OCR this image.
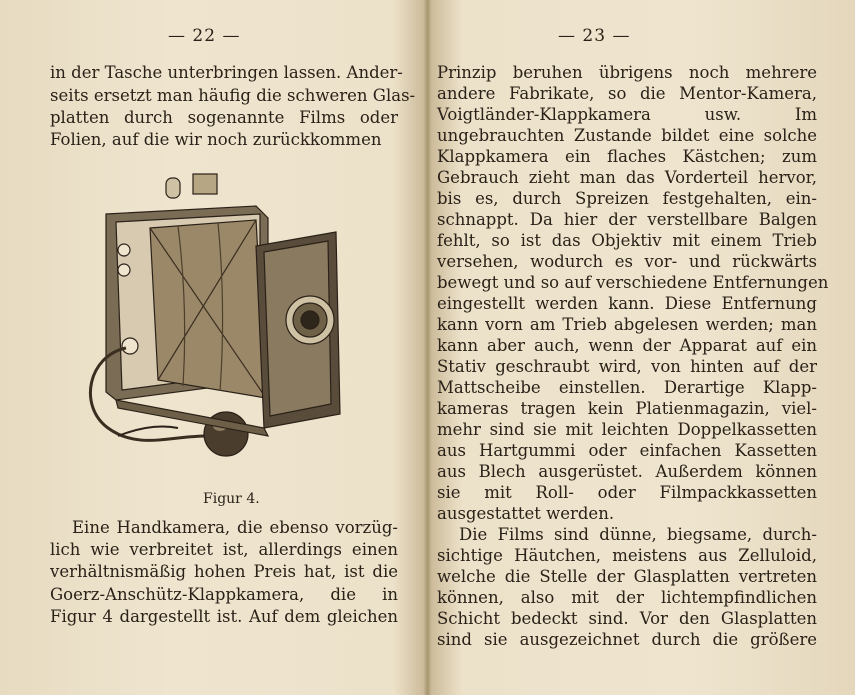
— 22 —
in der Tasche unterbringen lassen. Ander-
seits ersetzt man häufig die schweren Glas-
platten durch sogenannte Films oder
Folien, auf die wir noch zurückkommen
Figur 4.
Eine Handkamera, die ebenso vorzüg-
lich wie verbreitet ist, allerdings einen
verhältnismäßig hohen Preis hat, ist die
Goerz-Anschütz-Klappkamera, die in
Figur 4 dargestellt ist. Auf dem gleichen
— 23 —
Prinzip beruhen übrigens noch mehrere
andere Fabrikate, so die Mentor-Kamera,
Voigtländer-Klappkamera usw. Im
ungebrauchten Zustande bildet eine solche
Klappkamera ein flaches Kästchen; zum
Gebrauch zieht man das Vorderteil hervor,
bis es, durch Spreizen festgehalten, ein-
schnappt. Da hier der verstellbare Balgen
fehlt, so ist das Objektiv mit einem Trieb
versehen, wodurch es vor- und rückwärts
bewegt und so auf verschiedene Entfernungen
eingestellt werden kann. Diese Entfernung
kann vorn am Trieb abgelesen werden; man
kann aber auch, wenn der Apparat auf ein
Stativ geschraubt wird, von hinten auf der
Mattscheibe einstellen. Derartige Klapp-
kameras tragen kein Platienmagazin, viel-
mehr sind sie mit leichten Doppelkassetten
aus Hartgummi oder einfachen Kassetten
aus Blech ausgerüstet. Außerdem können
sie mit Roll- oder Filmpackkassetten
ausgestattet werden.
Die Films sind dünne, biegsame, durch-
sichtige Häutchen, meistens aus Zelluloid,
welche die Stelle der Glasplatten vertreten
können, also mit der lichtempfindlichen
Schicht bedeckt sind. Vor den Glasplatten
sind sie ausgezeichnet durch die größere
